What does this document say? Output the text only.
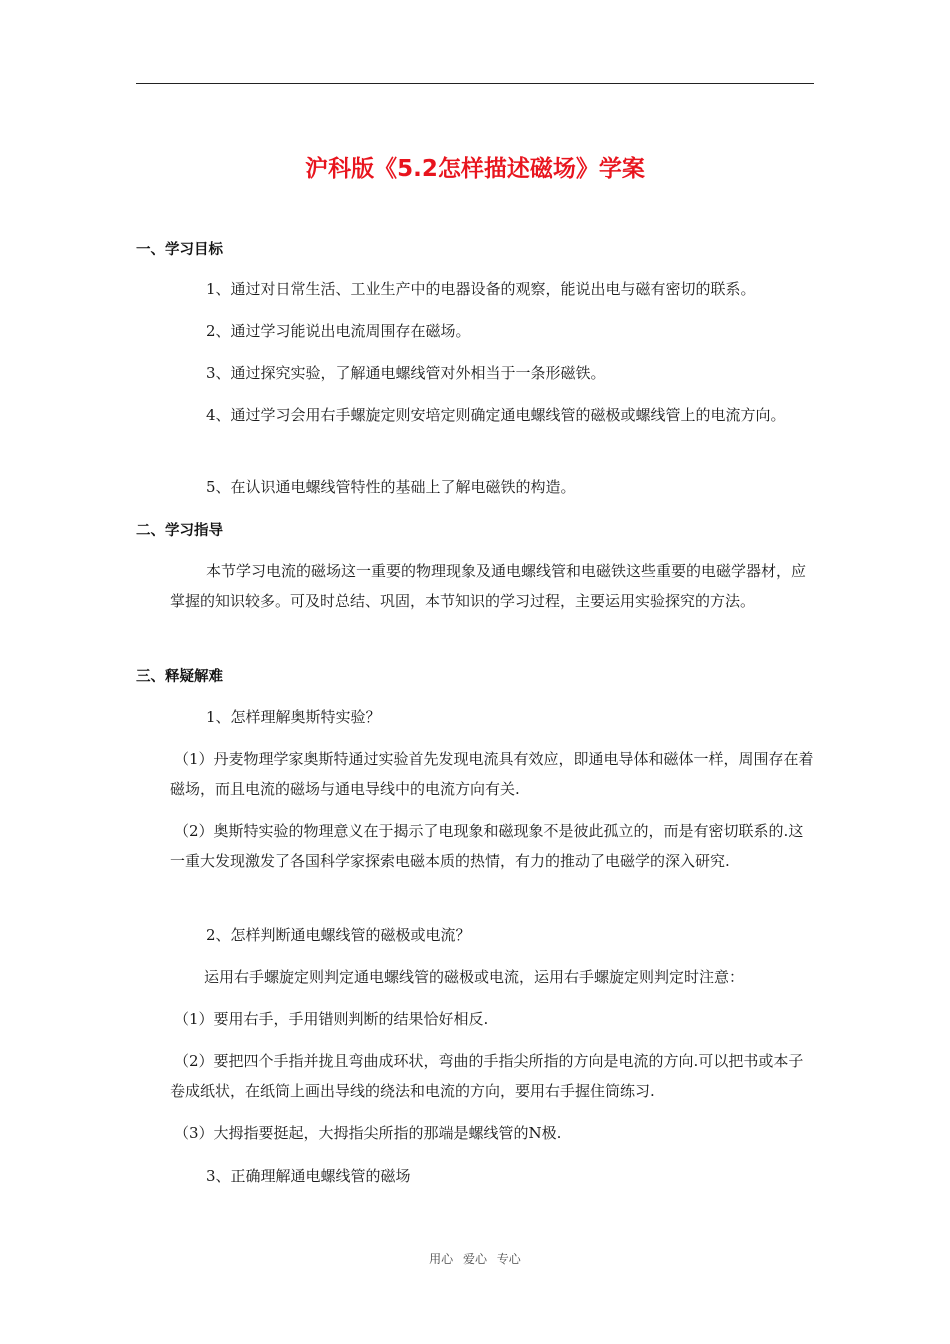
沪科版《5.2怎样描述磁场》学案
一、学习目标
1、通过对日常生活、工业生产中的电器设备的观察，能说出电与磁有密切的联系。
2、通过学习能说出电流周围存在磁场。
3、通过探究实验，了解通电螺线管对外相当于一条形磁铁。
4、通过学习会用右手螺旋定则安培定则确定通电螺线管的磁极或螺线管上的电流方向。
5、在认识通电螺线管特性的基础上了解电磁铁的构造。
二、学习指导
本节学习电流的磁场这一重要的物理现象及通电螺线管和电磁铁这些重要的电磁学器材，应掌握的知识较多。可及时总结、巩固，本节知识的学习过程，主要运用实验探究的方法。
三、释疑解难
1、怎样理解奥斯特实验？
（1）丹麦物理学家奥斯特通过实验首先发现电流具有效应，即通电导体和磁体一样，周围存在着磁场，而且电流的磁场与通电导线中的电流方向有关.
（2）奥斯特实验的物理意义在于揭示了电现象和磁现象不是彼此孤立的，而是有密切联系的.这一重大发现激发了各国科学家探索电磁本质的热情，有力的推动了电磁学的深入研究.
2、怎样判断通电螺线管的磁极或电流？
运用右手螺旋定则判定通电螺线管的磁极或电流，运用右手螺旋定则判定时注意：
（1）要用右手，手用错则判断的结果恰好相反.
（2）要把四个手指并拢且弯曲成环状，弯曲的手指尖所指的方向是电流的方向.可以把书或本子卷成纸状，在纸筒上画出导线的绕法和电流的方向，要用右手握住筒练习.
（3）大拇指要挺起，大拇指尖所指的那端是螺线管的N极.
3、正确理解通电螺线管的磁场
用心 爱心 专心
